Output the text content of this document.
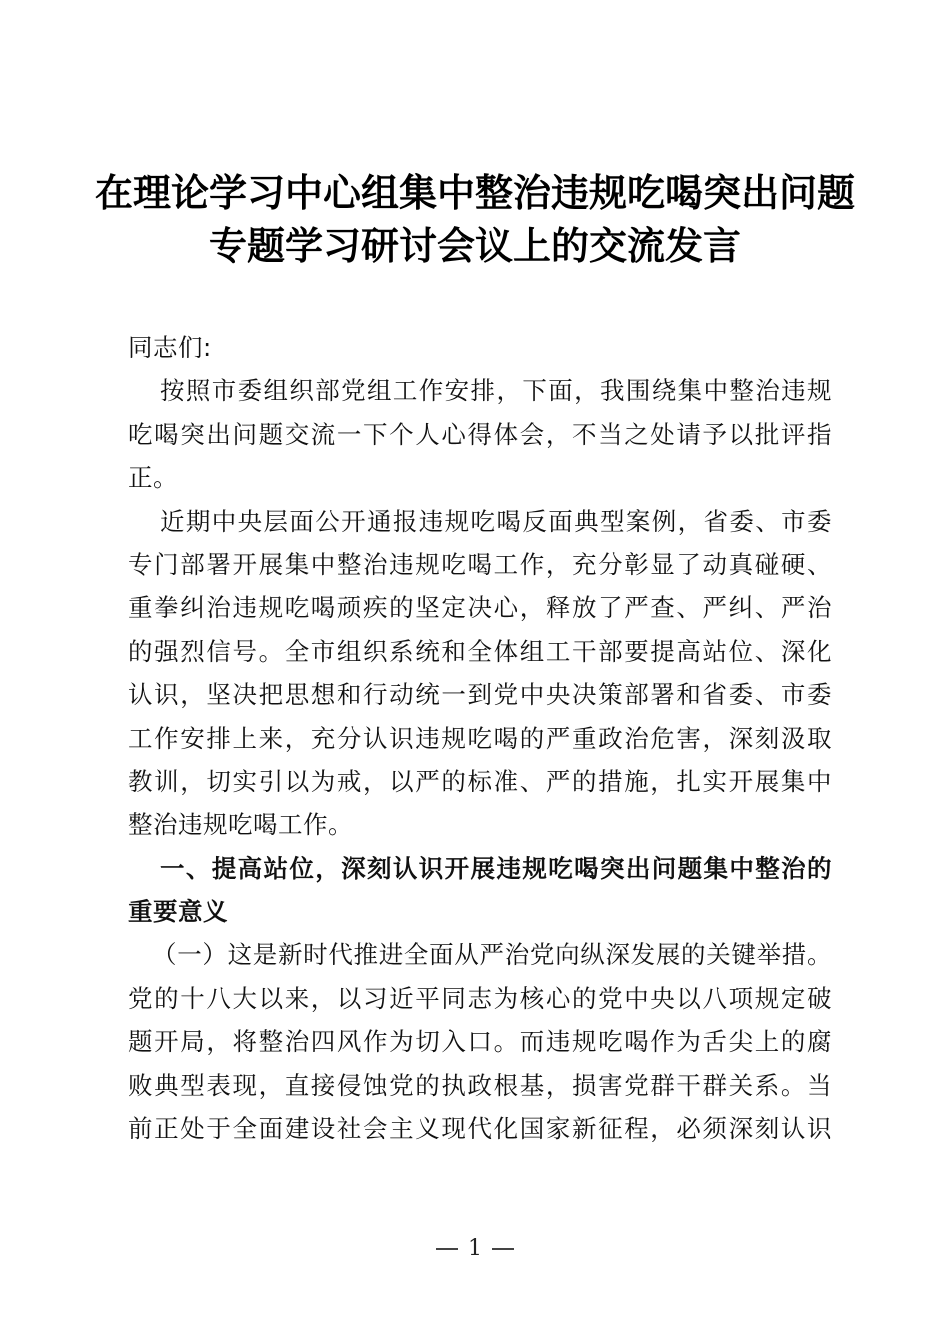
在理论学习中心组集中整治违规吃喝突出问题
专题学习研讨会议上的交流发言
同志们:
按照市委组织部党组工作安排，下面，我围绕集中整治违规
吃喝突出问题交流一下个人心得体会，不当之处请予以批评指
正。
近期中央层面公开通报违规吃喝反面典型案例，省委、市委
专门部署开展集中整治违规吃喝工作，充分彰显了动真碰硬、
重拳纠治违规吃喝顽疾的坚定决心，释放了严查、严纠、严治
的强烈信号。全市组织系统和全体组工干部要提高站位、深化
认识，坚决把思想和行动统一到党中央决策部署和省委、市委
工作安排上来，充分认识违规吃喝的严重政治危害，深刻汲取
教训，切实引以为戒，以严的标准、严的措施，扎实开展集中
整治违规吃喝工作。
一、提高站位，深刻认识开展违规吃喝突出问题集中整治的
重要意义
（一）这是新时代推进全面从严治党向纵深发展的关键举措。
党的十八大以来，以习近平同志为核心的党中央以八项规定破
题开局，将整治四风作为切入口。而违规吃喝作为舌尖上的腐
败典型表现，直接侵蚀党的执政根基，损害党群干群关系。当
前正处于全面建设社会主义现代化国家新征程，必须深刻认识
1
